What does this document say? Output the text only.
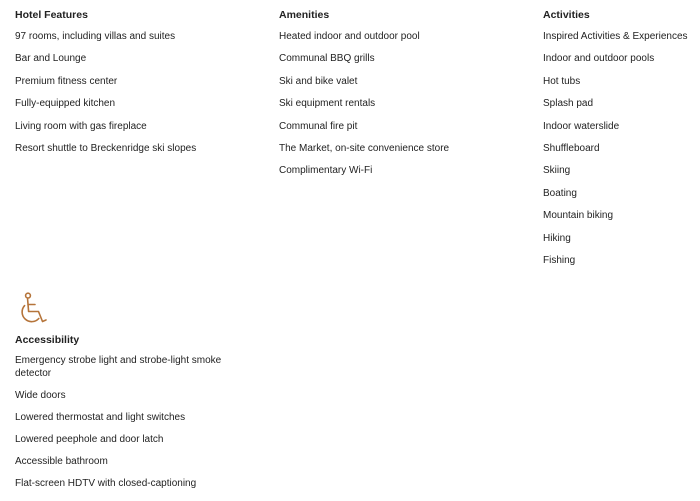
Hotel Features
97 rooms, including villas and suites
Bar and Lounge
Premium fitness center
Fully-equipped kitchen
Living room with gas fireplace
Resort shuttle to Breckenridge ski slopes
Amenities
Heated indoor and outdoor pool
Communal BBQ grills
Ski and bike valet
Ski equipment rentals
Communal fire pit
The Market, on-site convenience store
Complimentary Wi-Fi
Activities
Inspired Activities & Experiences
Indoor and outdoor pools
Hot tubs
Splash pad
Indoor waterslide
Shuffleboard
Skiing
Boating
Mountain biking
Hiking
Fishing
Accessibility
Emergency strobe light and strobe-light smoke detector
Wide doors
Lowered thermostat and light switches
Lowered peephole and door latch
Accessible bathroom
Flat-screen HDTV with closed-captioning
